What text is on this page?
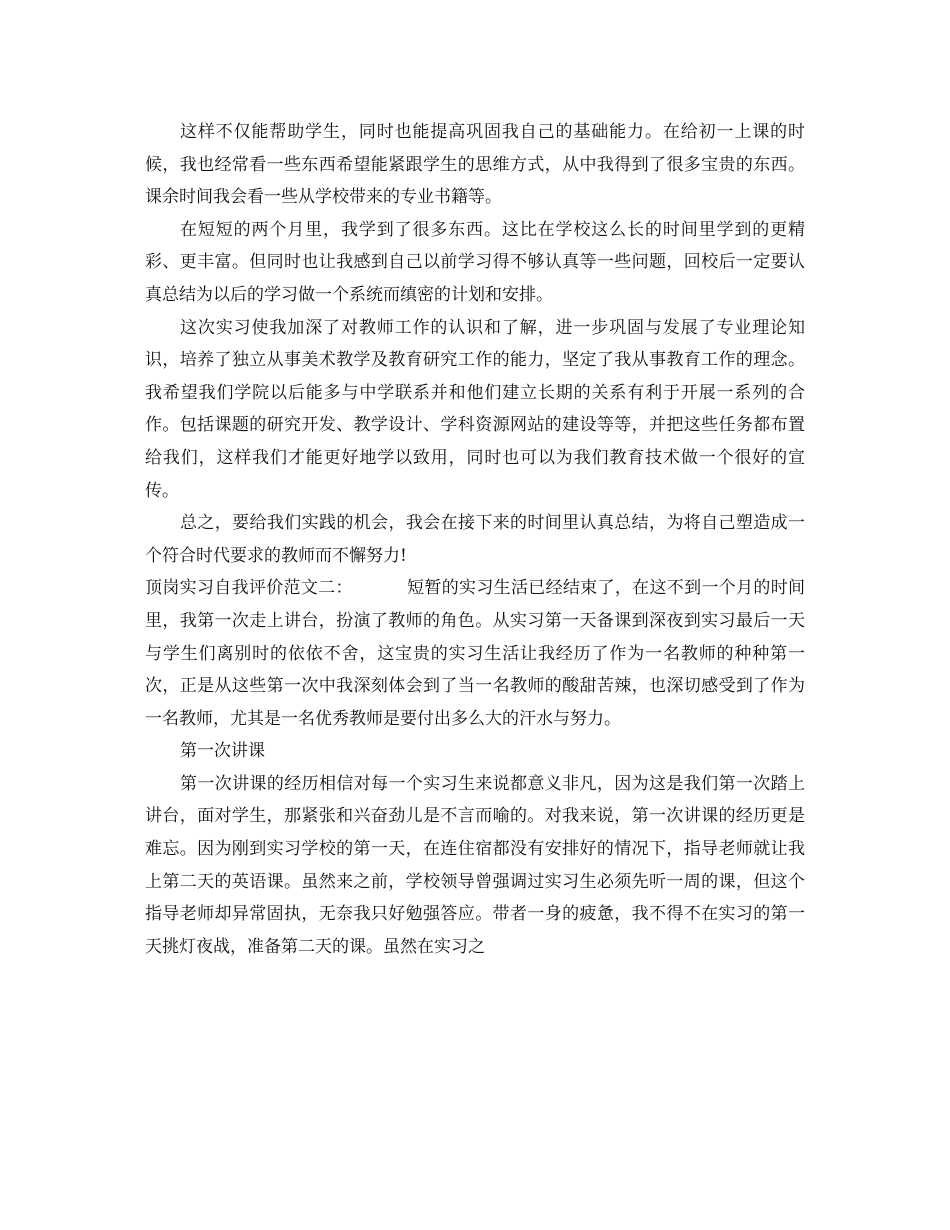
这样不仅能帮助学生，同时也能提高巩固我自己的基础能力。在给初一上课的时候，我也经常看一些东西希望能紧跟学生的思维方式，从中我得到了很多宝贵的东西。课余时间我会看一些从学校带来的专业书籍等。

在短短的两个月里，我学到了很多东西。这比在学校这么长的时间里学到的更精彩、更丰富。但同时也让我感到自己以前学习得不够认真等一些问题，回校后一定要认真总结为以后的学习做一个系统而缜密的计划和安排。

这次实习使我加深了对教师工作的认识和了解，进一步巩固与发展了专业理论知识，培养了独立从事美术教学及教育研究工作的能力，坚定了我从事教育工作的理念。我希望我们学院以后能多与中学联系并和他们建立长期的关系有利于开展一系列的合作。包括课题的研究开发、教学设计、学科资源网站的建设等等，并把这些任务都布置给我们，这样我们才能更好地学以致用，同时也可以为我们教育技术做一个很好的宣传。

总之，要给我们实践的机会，我会在接下来的时间里认真总结，为将自己塑造成一个符合时代要求的教师而不懈努力!

顶岗实习自我评价范文二：	短暂的实习生活已经结束了，在这不到一个月的时间里，我第一次走上讲台，扮演了教师的角色。从实习第一天备课到深夜到实习最后一天与学生们离别时的依依不舍，这宝贵的实习生活让我经历了作为一名教师的种种第一次，正是从这些第一次中我深刻体会到了当一名教师的酸甜苦辣，也深切感受到了作为一名教师，尤其是一名优秀教师是要付出多么大的汗水与努力。

第一次讲课

第一次讲课的经历相信对每一个实习生来说都意义非凡，因为这是我们第一次踏上讲台，面对学生，那紧张和兴奋劲儿是不言而喻的。对我来说，第一次讲课的经历更是难忘。因为刚到实习学校的第一天，在连住宿都没有安排好的情况下，指导老师就让我上第二天的英语课。虽然来之前，学校领导曾强调过实习生必须先听一周的课，但这个指导老师却异常固执，无奈我只好勉强答应。带者一身的疲惫，我不得不在实习的第一天挑灯夜战，准备第二天的课。虽然在实习之
